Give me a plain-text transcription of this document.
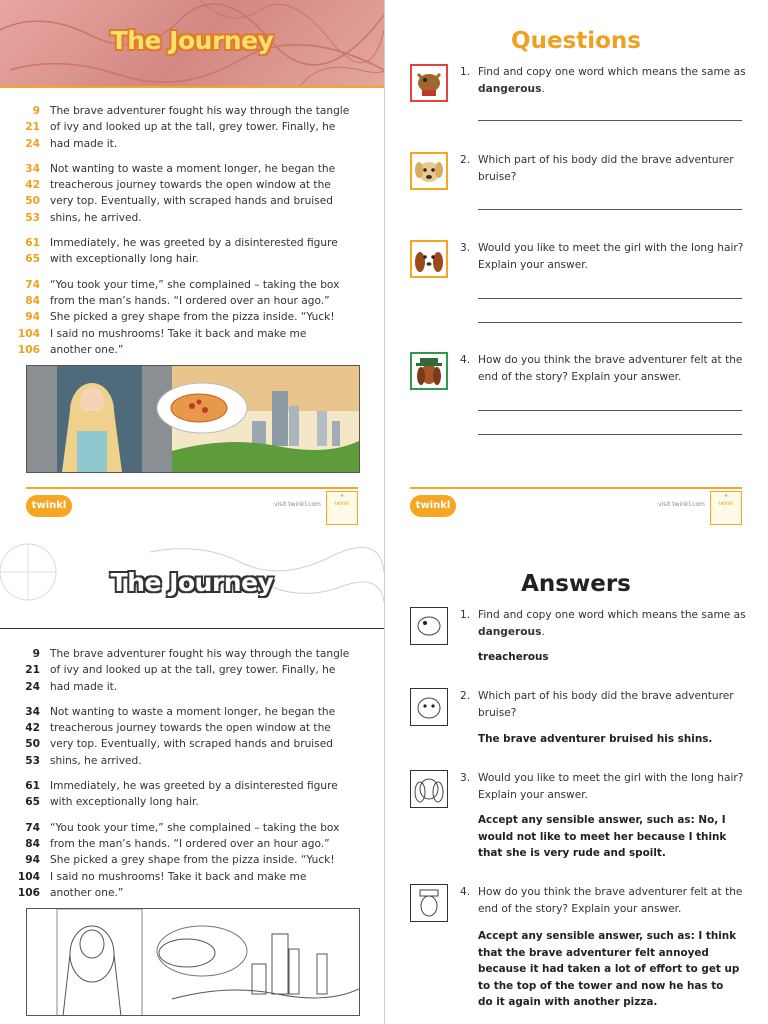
The Journey
9 The brave adventurer fought his way through the tangle
21 of ivy and looked up at the tall, grey tower. Finally, he
24 had made it.
34 Not wanting to waste a moment longer, he began the
42 treacherous journey towards the open window at the
50 very top. Eventually, with scraped hands and bruised
53 shins, he arrived.
61 Immediately, he was greeted by a disinterested figure
65 with exceptionally long hair.
74 “You took your time,” she complained – taking the box
84 from the man’s hands. “I ordered over an hour ago.”
94 She picked a grey shape from the pizza inside. “Yuck!
104 I said no mushrooms! Take it back and make me
106 another one.”
twinkl	visit twinkl.com
★
twinkl
Questions
1. Find and copy one word which means the same as dangerous.
2. Which part of his body did the brave adventurer bruise?
3. Would you like to meet the girl with the long hair? Explain your answer.
4. How do you think the brave adventurer felt at the end of the story? Explain your answer.
twinkl	visit twinkl.com
★
twinkl
The Journey
9 The brave adventurer fought his way through the tangle
21 of ivy and looked up at the tall, grey tower. Finally, he
24 had made it.
34 Not wanting to waste a moment longer, he began the
42 treacherous journey towards the open window at the
50 very top. Eventually, with scraped hands and bruised
53 shins, he arrived.
61 Immediately, he was greeted by a disinterested figure
65 with exceptionally long hair.
74 “You took your time,” she complained – taking the box
84 from the man’s hands. “I ordered over an hour ago.”
94 She picked a grey shape from the pizza inside. “Yuck!
104 I said no mushrooms! Take it back and make me
106 another one.”
Answers
1. Find and copy one word which means the same as dangerous.
treacherous
2. Which part of his body did the brave adventurer bruise?
The brave adventurer bruised his shins.
3. Would you like to meet the girl with the long hair? Explain your answer.
Accept any sensible answer, such as: No, I would not like to meet her because I think that she is very rude and spoilt.
4. How do you think the brave adventurer felt at the end of the story? Explain your answer.
Accept any sensible answer, such as: I think that the brave adventurer felt annoyed because it had taken a lot of effort to get up to the top of the tower and now he has to do it again with another pizza.
